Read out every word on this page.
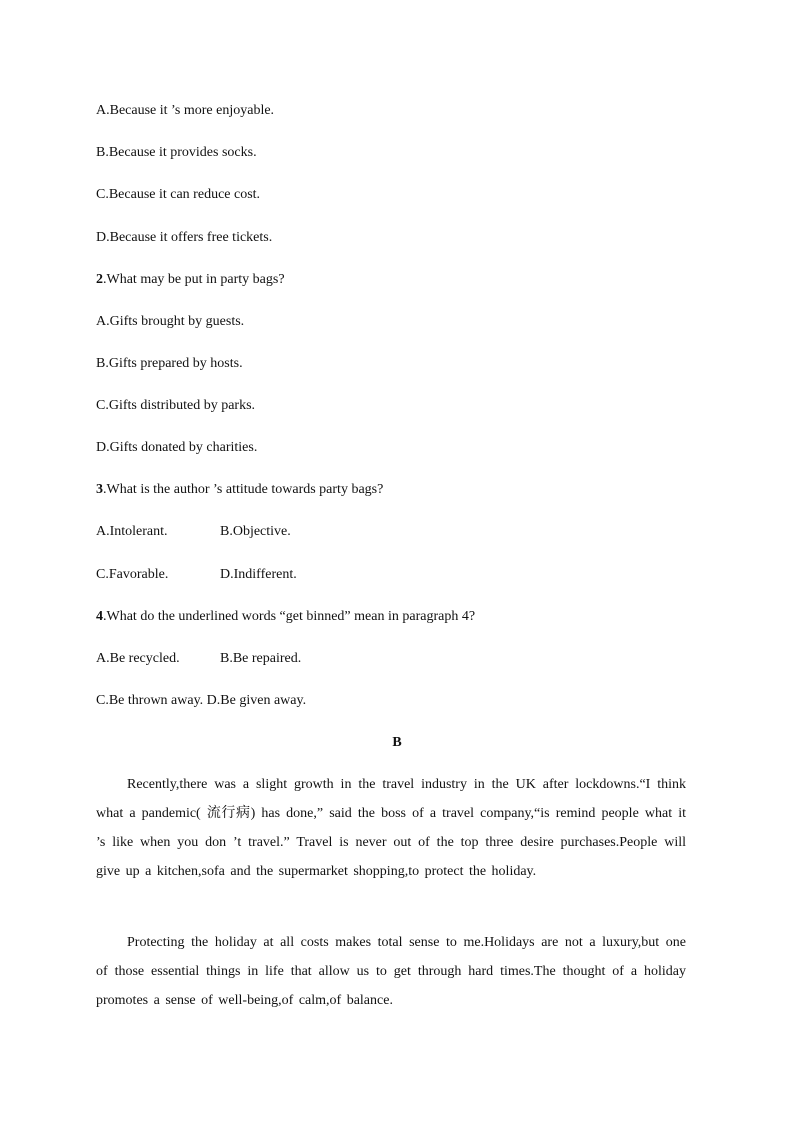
A.Because it ’s more enjoyable.
B.Because it provides socks.
C.Because it can reduce cost.
D.Because it offers free tickets.
2.What may be put in party bags?
A.Gifts brought by guests.
B.Gifts prepared by hosts.
C.Gifts distributed by parks.
D.Gifts donated by charities.
3.What is the author ’s attitude towards party bags?
A.Intolerant.	B.Objective.
C.Favorable.	D.Indifferent.
4.What do the underlined words “get binned” mean in paragraph 4?
A.Be recycled.	B.Be repaired.
C.Be thrown away. D.Be given away.
B

Recently,there was a slight growth in the travel industry in the UK after lockdowns.“I think what a pandemic( 流行病) has done,” said the boss of a travel company,“is remind people what it ’s like when you don ’t travel.” Travel is never out of the top three desire purchases.People will give up a kitchen,sofa and the supermarket shopping,to protect the holiday.

Protecting the holiday at all costs makes total sense to me.Holidays are not a luxury,but one of those essential things in life that allow us to get through hard times.The thought of a holiday promotes a sense of well-being,of calm,of balance.
